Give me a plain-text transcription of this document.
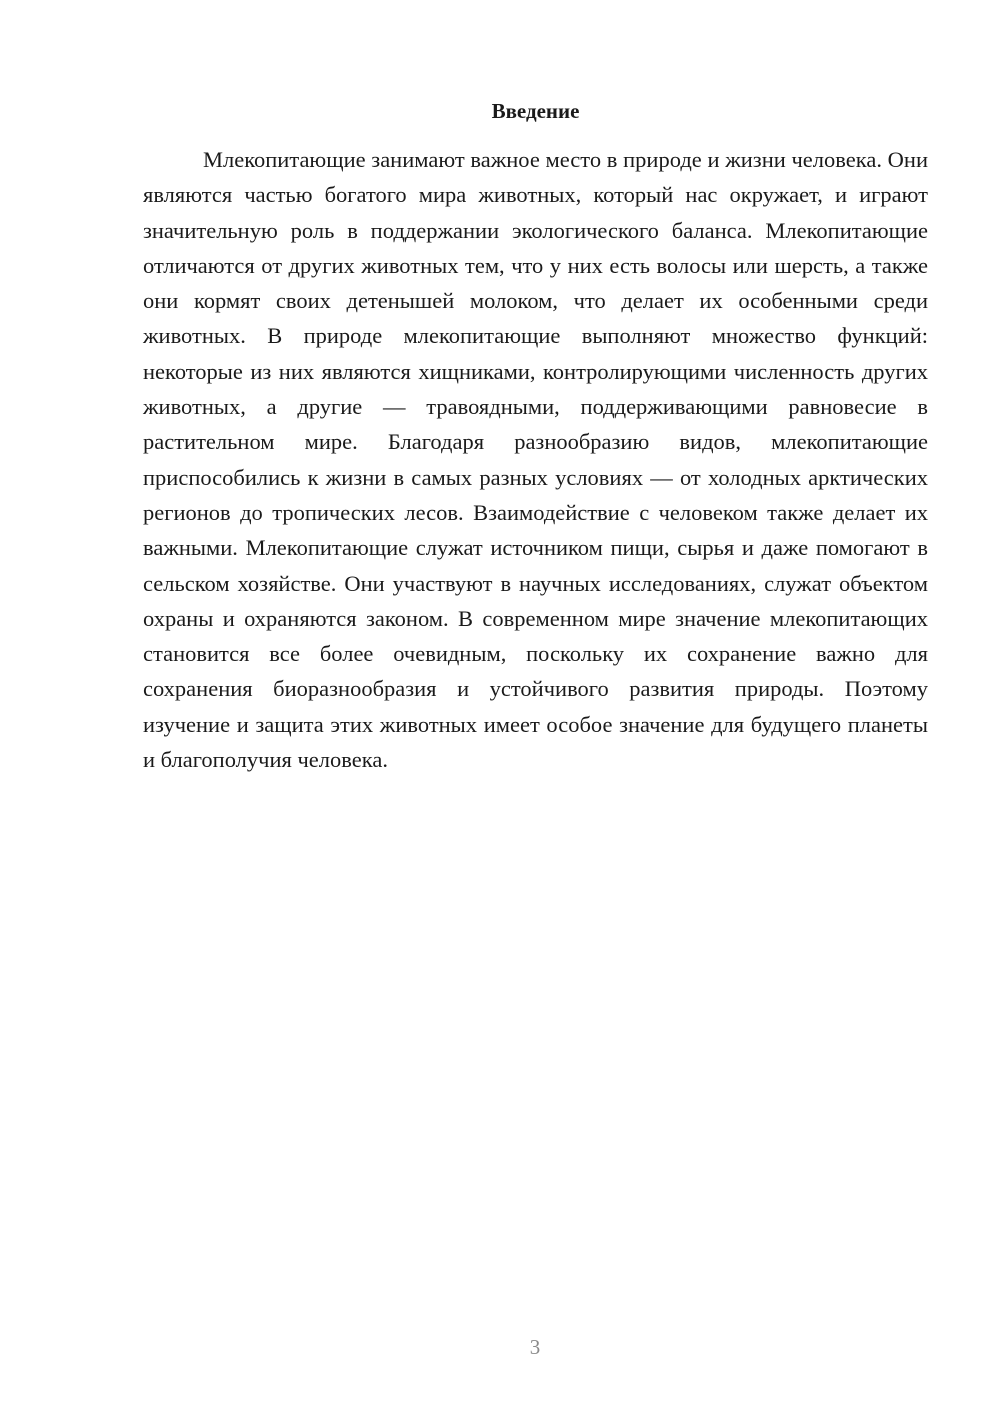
Введение

Млекопитающие занимают важное место в природе и жизни человека. Они являются частью богатого мира животных, который нас окружает, и играют значительную роль в поддержании экологического баланса. Млекопитающие отличаются от других животных тем, что у них есть волосы или шерсть, а также они кормят своих детенышей молоком, что делает их особенными среди животных. В природе млекопитающие выполняют множество функций: некоторые из них являются хищниками, контролирующими численность других животных, а другие — травоядными, поддерживающими равновесие в растительном мире. Благодаря разнообразию видов, млекопитающие приспособились к жизни в самых разных условиях — от холодных арктических регионов до тропических лесов. Взаимодействие с человеком также делает их важными. Млекопитающие служат источником пищи, сырья и даже помогают в сельском хозяйстве. Они участвуют в научных исследованиях, служат объектом охраны и охраняются законом. В современном мире значение млекопитающих становится все более очевидным, поскольку их сохранение важно для сохранения биоразнообразия и устойчивого развития природы. Поэтому изучение и защита этих животных имеет особое значение для будущего планеты и благополучия человека.

3
